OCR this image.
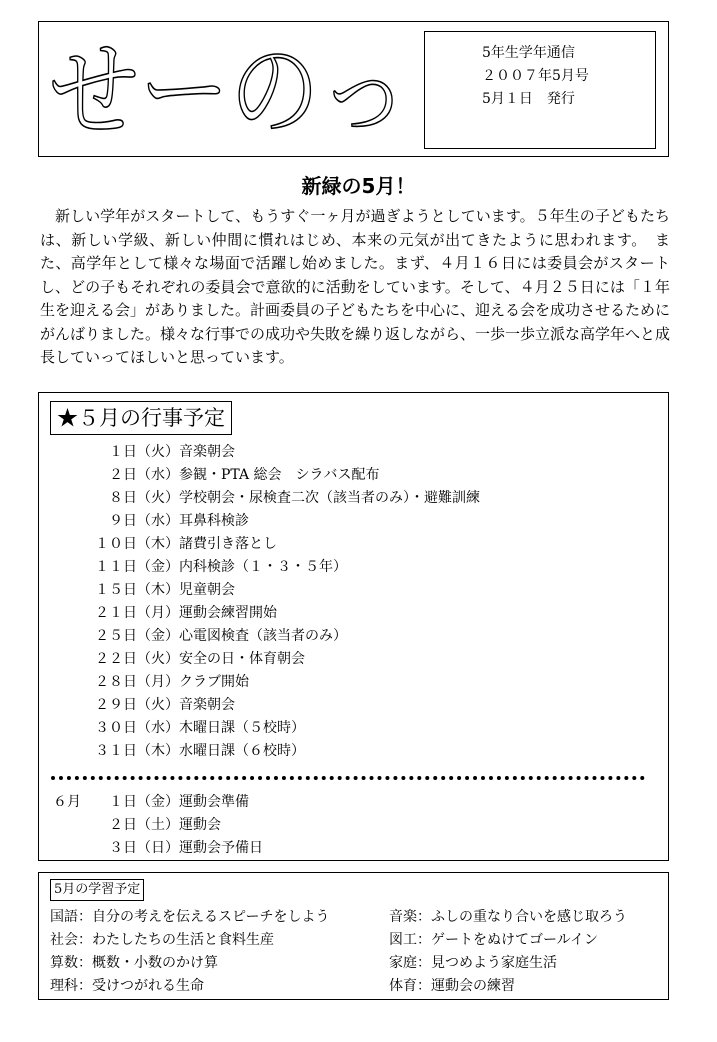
せーのっ	5年生学年通信
２００７年5月号
5月１日　発行
新緑の5月！

　新しい学年がスタートして、もうすぐ一ヶ月が過ぎようとしています。５年生の子どもたちは、新しい学級、新しい仲間に慣れはじめ、本来の元気が出てきたように思われます。　また、高学年として様々な場面で活躍し始めました。まず、４月１６日には委員会がスタートし、どの子もそれぞれの委員会で意欲的に活動をしています。そして、４月２５日には「１年生を迎える会」がありました。計画委員の子どもたちを中心に、迎える会を成功させるためにがんばりました。様々な行事での成功や失敗を繰り返しながら、一歩一歩立派な高学年へと成長していってほしいと思っています。

★５月の行事予定
１日（火） 音楽朝会
２日（水） 参観・PTA 総会　シラバス配布
８日（火） 学校朝会・尿検査二次（該当者のみ）・避難訓練
９日（水） 耳鼻科検診
１０日（木） 諸費引き落とし
１１日（金） 内科検診（１・３・５年）
１５日（木） 児童朝会
２１日（月） 運動会練習開始
２５日（金） 心電図検査（該当者のみ）
２２日（火） 安全の日・体育朝会
２８日（月） クラブ開始
２９日（火） 音楽朝会
３０日（水） 木曜日課（５校時）
３１日（木） 水曜日課（６校時）
６月	１日（金） 運動会準備
２日（土） 運動会
３日（日） 運動会予備日
5月の学習予定
国語：自分の考えを伝えるスピーチをしよう
社会：わたしたちの生活と食料生産
算数：概数・小数のかけ算
理科：受けつがれる生命
音楽：ふしの重なり合いを感じ取ろう
図工：ゲートをぬけてゴールイン
家庭：見つめよう家庭生活
体育：運動会の練習
